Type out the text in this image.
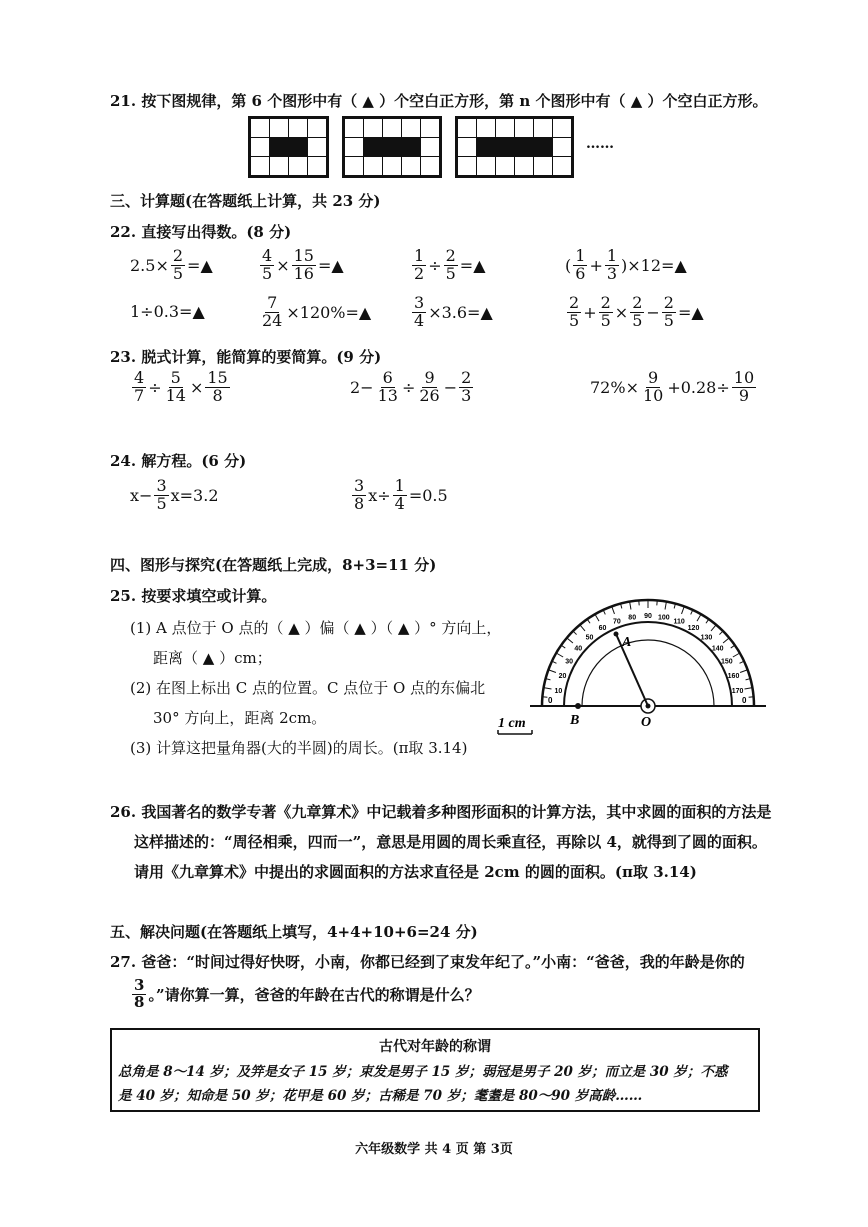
21. 按下图规律，第 6 个图形中有（ ▲ ）个空白正方形，第 n 个图形中有（ ▲ ）个空白正方形。

……
三、计算题(在答题纸上计算，共 23 分)
22. 直接写出得数。(8 分)
$2.5\times \frac{2}{5}$ =▲	$\frac{4}{5} \times \frac{15}{16}$ =▲	$\frac{1}{2} \div \frac{2}{5}$ =▲	( $\frac{1}{6} + \frac{1}{3}$ )×12=▲
1÷0.3=▲	$\frac{7}{24}$ ×120%=▲	$\frac{3}{4}$ ×3.6=▲	$\frac{2}{5} + \frac{2}{5} \times \frac{2}{5} - \frac{2}{5}$ =▲
23. 脱式计算，能简算的要简算。(9 分)
$\frac{4}{7} \div \frac{5}{14} \times \frac{15}{8}$	$2- \frac{6}{13} \div \frac{9}{26} - \frac{2}{3}$	$72\%\times \frac{9}{10} +0.28\div \frac{10}{9}$
24. 解方程。(6 分)
$x- \frac{3}{5} x=3.2$	$\frac{3}{8} x\div \frac{1}{4} =0.5$
四、图形与探究(在答题纸上完成，8+3=11 分)
25. 按要求填空或计算。
(1) A 点位于 O 点的（ ▲ ）偏（ ▲ ）（ ▲ ）° 方向上，
距离（ ▲ ）cm；
(2) 在图上标出 C 点的位置。C 点位于 O 点的东偏北
30° 方向上，距离 2cm。
(3) 计算这把量角器(大的半圆)的周长。(π取 3.14)
10
20
30
40
50
60
70
80 90 100
110
120
130
140
150
160
170
A
B	O
0	0
1 cm
26. 我国著名的数学专著《九章算术》中记载着多种图形面积的计算方法，其中求圆的面积的方法是
这样描述的：“周径相乘，四而一”，意思是用圆的周长乘直径，再除以 4，就得到了圆的面积。
请用《九章算术》中提出的求圆面积的方法求直径是 2cm 的圆的面积。(π取 3.14)
五、解决问题(在答题纸上填写，4+4+10+6=24 分)
27. 爸爸：“时间过得好快呀，小南，你都已经到了束发年纪了。”小南：“爸爸，我的年龄是你的
$\frac{3}{8}$ 。”请你算一算，爸爸的年龄在古代的称谓是什么？
古代对年龄的称谓
总角是 8～14 岁；及笄是女子 15 岁；束发是男子 15 岁；弱冠是男子 20 岁；而立是 30 岁；不惑
是 40 岁；知命是 50 岁；花甲是 60 岁；古稀是 70 岁；耄耋是 80～90 岁高龄……
六年级数学 共 4 页 第 3页
